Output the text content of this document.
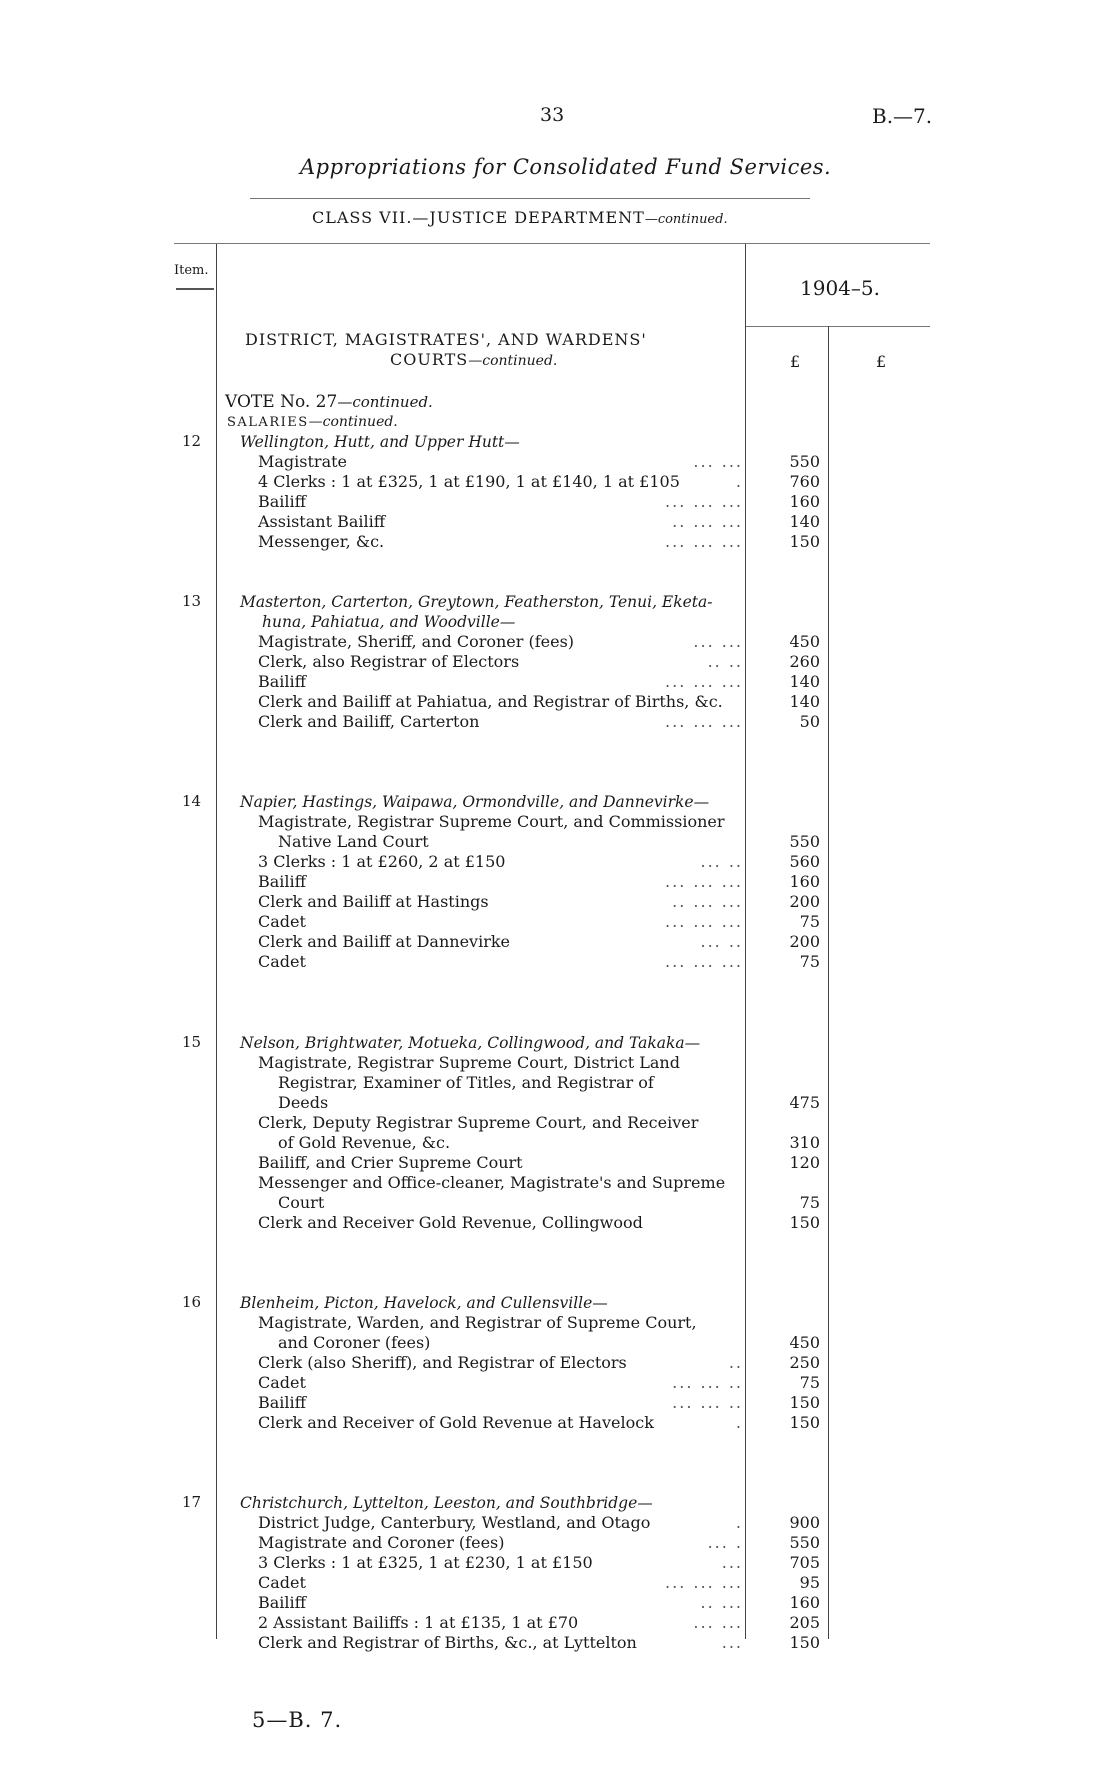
33	B.—7.
Appropriations for Consolidated Fund Services.
CLASS VII.—JUSTICE DEPARTMENT—continued.
Item.
1904–5.
DISTRICT, MAGISTRATES', AND WARDENS'
COURTS—continued.	£	£
VOTE No. 27—continued.
SALARIES—continued.
12	Wellington, Hutt, and Upper Hutt—
Magistrate	... ...	550
4 Clerks : 1 at £325, 1 at £190, 1 at £140, 1 at £105	.	760
Bailiff	... ... ...	160
Assistant Bailiff	.. ... ...	140
Messenger, &c.	... ... ...	150
13	Masterton, Carterton, Greytown, Featherston, Tenui, Eketa-
huna, Pahiatua, and Woodville—
Magistrate, Sheriff, and Coroner (fees)	... ...	450
Clerk, also Registrar of Electors	.. ..	260
Bailiff	... ... ...	140
Clerk and Bailiff at Pahiatua, and Registrar of Births, &c.	140
Clerk and Bailiff, Carterton	... ... ...	50
14	Napier, Hastings, Waipawa, Ormondville, and Dannevirke—
Magistrate, Registrar Supreme Court, and Commissioner
Native Land Court	550
3 Clerks : 1 at £260, 2 at £150	... ..	560
Bailiff	... ... ...	160
Clerk and Bailiff at Hastings	.. ... ...	200
Cadet	... ... ...	75
Clerk and Bailiff at Dannevirke	... ..	200
Cadet	... ... ...	75
15	Nelson, Brightwater, Motueka, Collingwood, and Takaka—
Magistrate, Registrar Supreme Court, District Land
Registrar, Examiner of Titles, and Registrar of
Deeds	475
Clerk, Deputy Registrar Supreme Court, and Receiver
of Gold Revenue, &c.	310
Bailiff, and Crier Supreme Court	120
Messenger and Office-cleaner, Magistrate's and Supreme
Court	75
Clerk and Receiver Gold Revenue, Collingwood	150
16	Blenheim, Picton, Havelock, and Cullensville—
Magistrate, Warden, and Registrar of Supreme Court,
and Coroner (fees)	450
Clerk (also Sheriff), and Registrar of Electors	..	250
Cadet	... ... ..	75
Bailiff	... ... ..	150
Clerk and Receiver of Gold Revenue at Havelock	.	150
17	Christchurch, Lyttelton, Leeston, and Southbridge—
District Judge, Canterbury, Westland, and Otago	.	900
Magistrate and Coroner (fees)	... .	550
3 Clerks : 1 at £325, 1 at £230, 1 at £150	...	705
Cadet	... ... ...	95
Bailiff	.. ...	160
2 Assistant Bailiffs : 1 at £135, 1 at £70	... ...	205
Clerk and Registrar of Births, &c., at Lyttelton	...	150
5—B. 7.
